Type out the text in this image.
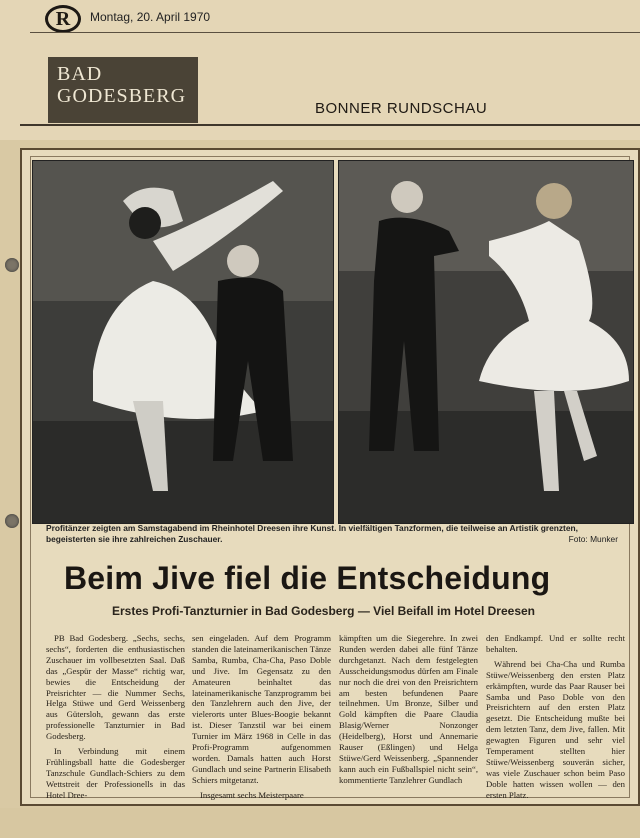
R	Montag, 20. April 1970
BAD GODESBERG
BONNER RUNDSCHAU
Profitänzer zeigten am Samstagabend im Rheinhotel Dreesen ihre Kunst. In vielfältigen Tanzformen, die teilweise an Artistik grenzten, begeisterten sie ihre zahlreichen Zuschauer.	Foto: Munker
Beim Jive fiel die Entscheidung
Erstes Profi-Tanzturnier in Bad Godesberg — Viel Beifall im Hotel Dreesen

PB Bad Godesberg. „Sechs, sechs, sechs“, forderten die enthusiastischen Zuschauer im vollbesetzten Saal. Daß das „Gespür der Masse“ richtig war, bewies die Entscheidung der Preisrichter — die Nummer Sechs, Helga Stüwe und Gerd Weissenberg aus Gütersloh, gewann das erste professionelle Tanzturnier in Bad Godesberg.

In Verbindung mit einem Frühlingsball hatte die Godesberger Tanzschule Gundlach-Schiers zu dem Wettstreit der Professionells in das Hotel Dree-

sen eingeladen. Auf dem Programm standen die lateinamerikanischen Tänze Samba, Rumba, Cha-Cha, Paso Doble und Jive. Im Gegensatz zu den Amateuren beinhaltet das lateinamerikanische Tanzprogramm bei den Tanzlehrern auch den Jive, der vielerorts unter Blues-Boogie bekannt ist. Dieser Tanzstil war bei einem Turnier im März 1968 in Celle in das Profi-Programm aufgenommen worden. Damals hatten auch Horst Gundlach und seine Partnerin Elisabeth Schiers mitgetanzt.

Insgesamt sechs Meisterpaare

kämpften um die Siegerehre. In zwei Runden werden dabei alle fünf Tänze durchgetanzt. Nach dem festgelegten Ausscheidungsmodus dürfen am Finale nur noch die drei von den Preisrichtern am besten befundenen Paare teilnehmen. Um Bronze, Silber und Gold kämpften die Paare Claudia Blasig/Werner Nonzonger (Heidelberg), Horst und Annemarie Rauser (Eßlingen) und Helga Stüwe/Gerd Weissenberg. „Spannender kann auch ein Fußballspiel nicht sein“, kommentierte Tanzlehrer Gundlach

den Endkampf. Und er sollte recht behalten.

Während bei Cha-Cha und Rumba Stüwe/Weissenberg den ersten Platz erkämpften, wurde das Paar Rauser bei Samba und Paso Doble von den Preisrichtern auf den ersten Platz gesetzt. Die Entscheidung mußte bei dem letzten Tanz, dem Jive, fallen. Mit gewagten Figuren und sehr viel Temperament stellten hier Stüwe/Weissenberg souverän sicher, was viele Zuschauer schon beim Paso Doble hatten wissen wollen — den ersten Platz.
